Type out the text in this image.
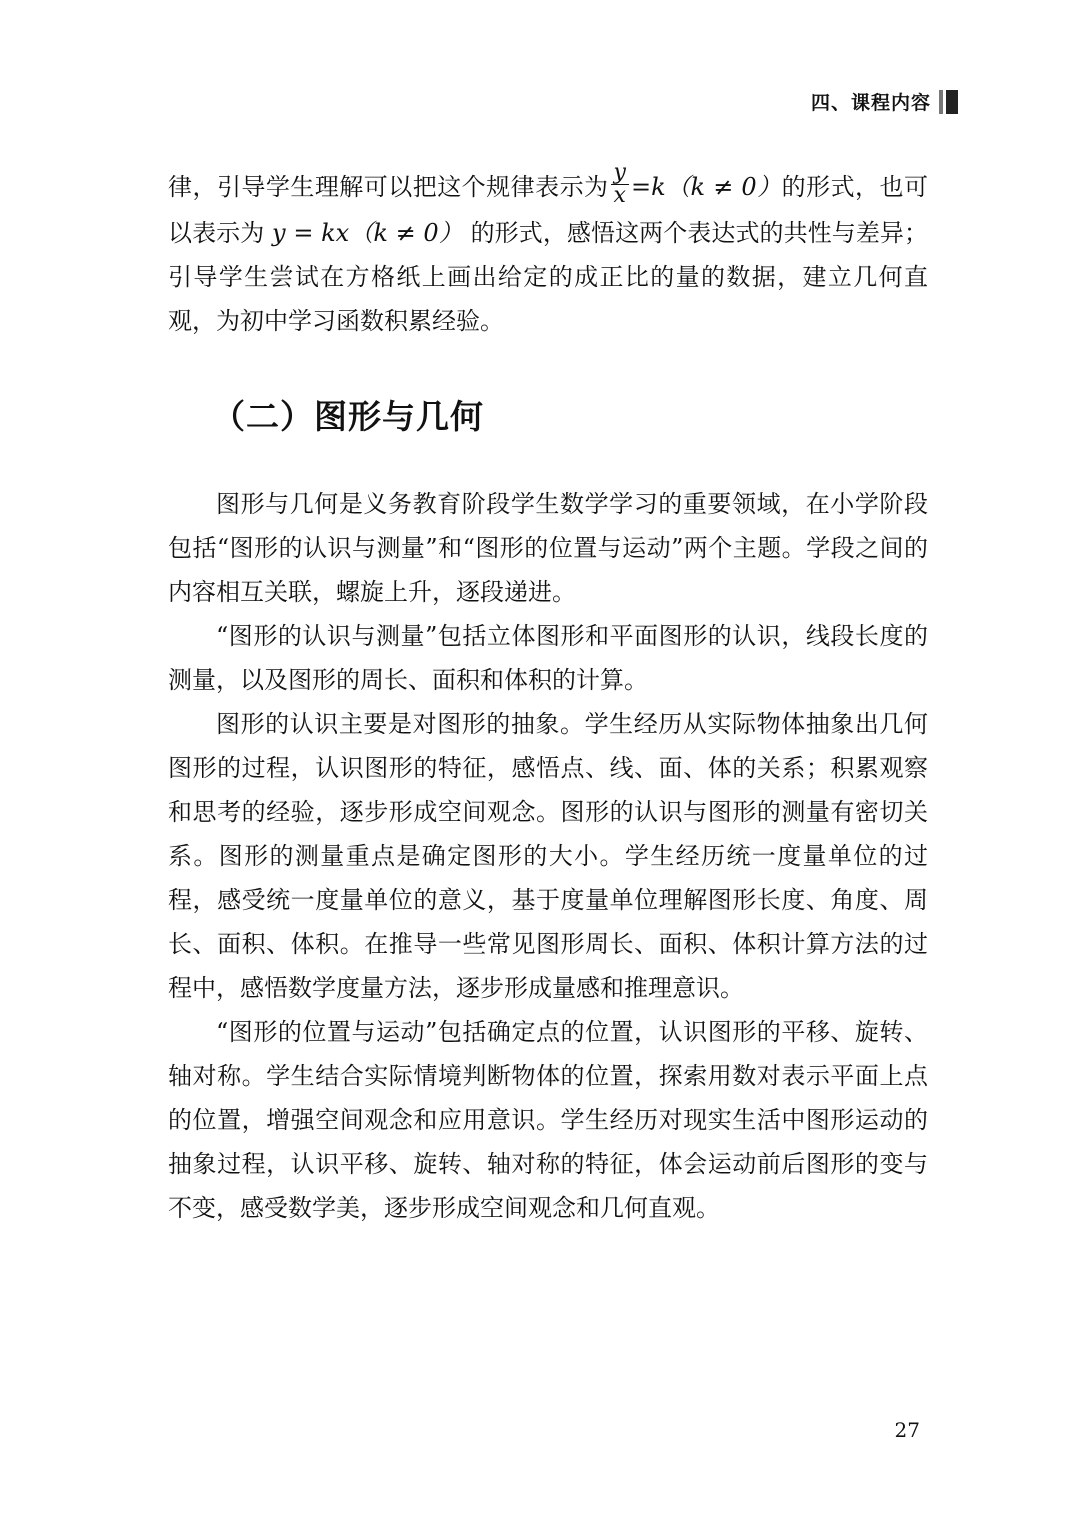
四、课程内容

律，引导学生理解可以把这个规律表示为 $\frac{y}{x} =k(k \ne 0)$的形式，也可以表示为 y = kx（k ≠ 0） 的形式，感悟这两个表达式的共性与差异；引导学生尝试在方格纸上画出给定的成正比的量的数据，建立几何直观，为初中学习函数积累经验。

（二）图形与几何

图形与几何是义务教育阶段学生数学学习的重要领域，在小学阶段包括“图形的认识与测量”和“图形的位置与运动”两个主题。学段之间的内容相互关联，螺旋上升，逐段递进。

“图形的认识与测量”包括立体图形和平面图形的认识，线段长度的测量，以及图形的周长、面积和体积的计算。

图形的认识主要是对图形的抽象。学生经历从实际物体抽象出几何图形的过程，认识图形的特征，感悟点、线、面、体的关系；积累观察和思考的经验，逐步形成空间观念。图形的认识与图形的测量有密切关系。图形的测量重点是确定图形的大小。学生经历统一度量单位的过程，感受统一度量单位的意义，基于度量单位理解图形长度、角度、周长、面积、体积。在推导一些常见图形周长、面积、体积计算方法的过程中，感悟数学度量方法，逐步形成量感和推理意识。

“图形的位置与运动”包括确定点的位置，认识图形的平移、旋转、轴对称。学生结合实际情境判断物体的位置，探索用数对表示平面上点的位置，增强空间观念和应用意识。学生经历对现实生活中图形运动的抽象过程，认识平移、旋转、轴对称的特征，体会运动前后图形的变与不变，感受数学美，逐步形成空间观念和几何直观。

27
